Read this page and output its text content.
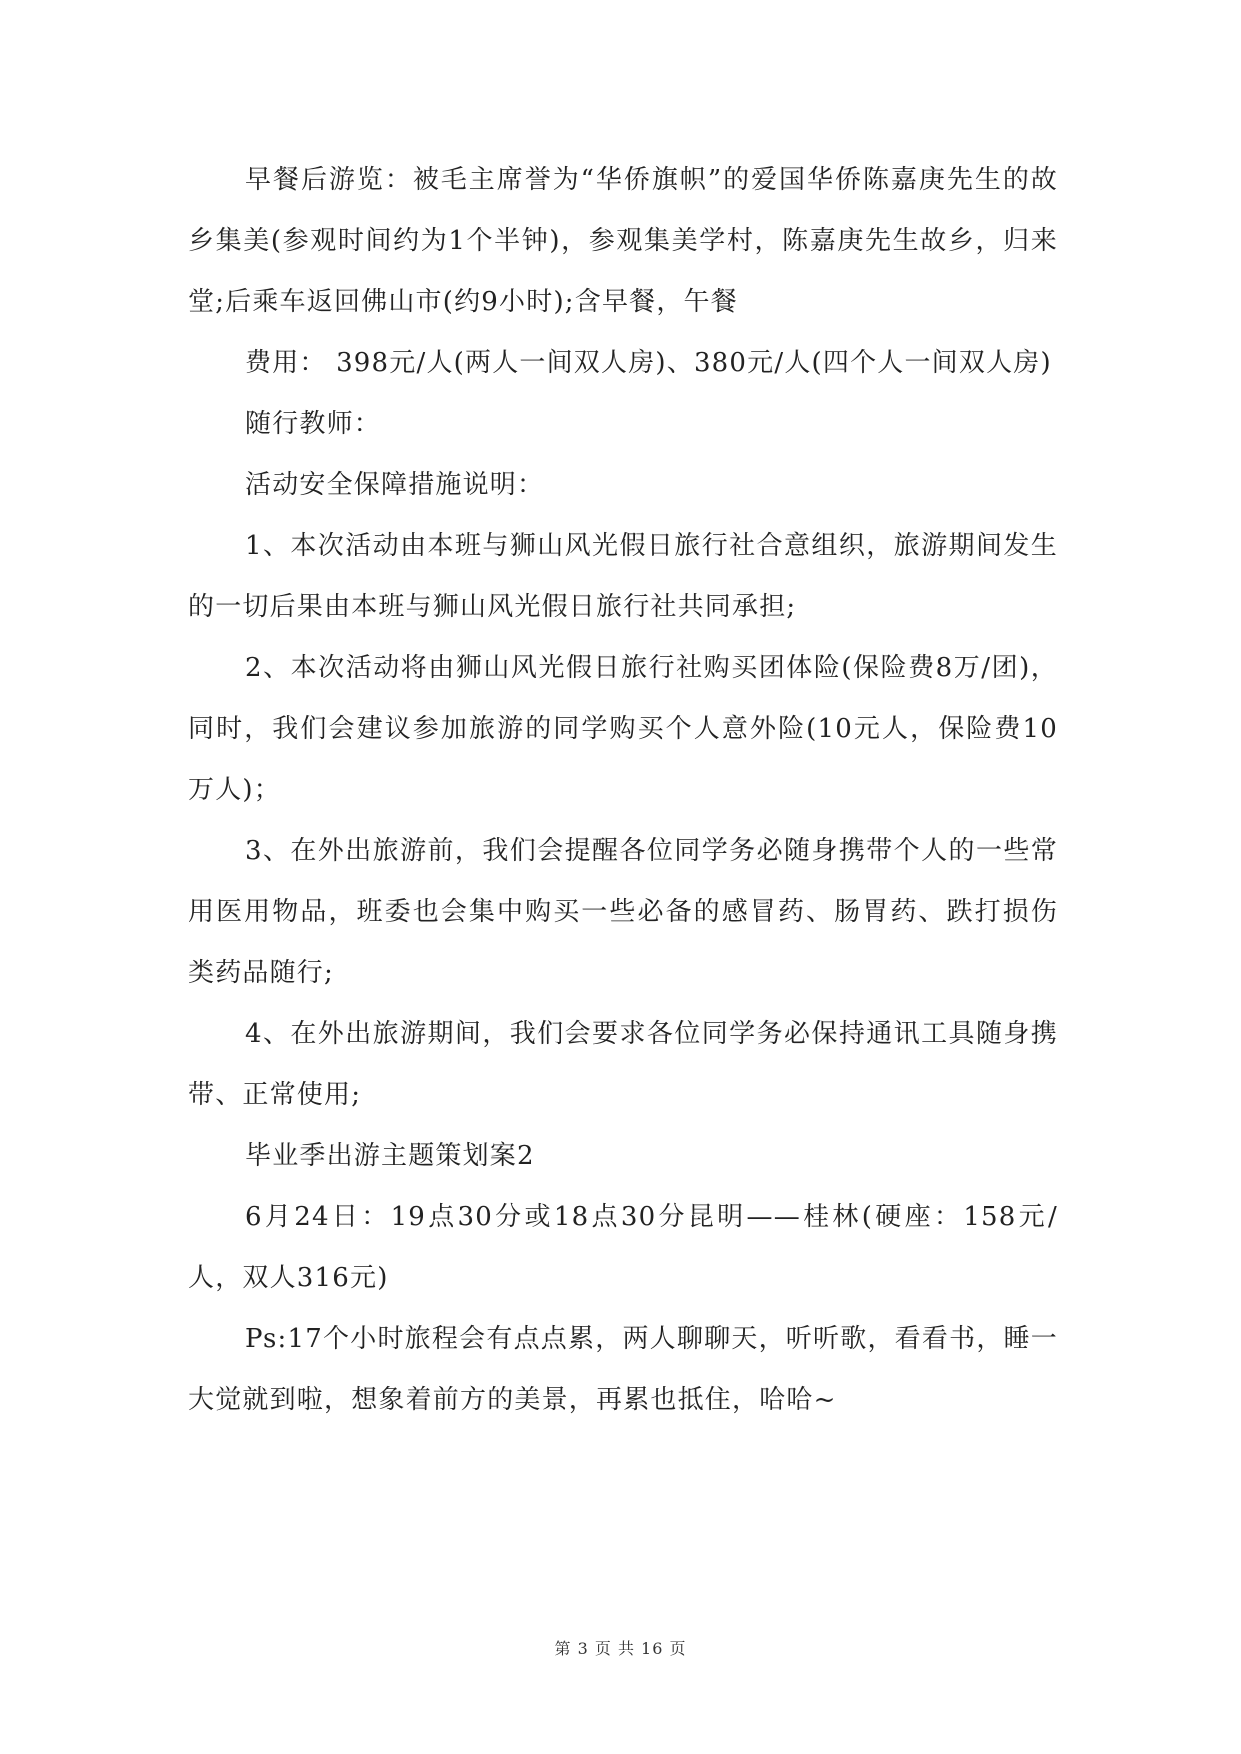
早餐后游览：被毛主席誉为“华侨旗帜”的爱国华侨陈嘉庚先生的故乡集美(参观时间约为1个半钟)，参观集美学村，陈嘉庚先生故乡，归来堂;后乘车返回佛山市(约9小时);含早餐，午餐

费用： 398元/人(两人一间双人房)、380元/人(四个人一间双人房)

随行教师：

活动安全保障措施说明：

1、本次活动由本班与狮山风光假日旅行社合意组织，旅游期间发生的一切后果由本班与狮山风光假日旅行社共同承担;

2、本次活动将由狮山风光假日旅行社购买团体险(保险费8万/团)，同时，我们会建议参加旅游的同学购买个人意外险(10元人，保险费10万人)；

3、在外出旅游前，我们会提醒各位同学务必随身携带个人的一些常用医用物品，班委也会集中购买一些必备的感冒药、肠胃药、跌打损伤类药品随行;

4、在外出旅游期间，我们会要求各位同学务必保持通讯工具随身携带、正常使用;

毕业季出游主题策划案2

6月24日：19点30分或18点30分昆明——桂林(硬座：158元/人，双人316元)

Ps:17个小时旅程会有点点累，两人聊聊天，听听歌，看看书，睡一大觉就到啦，想象着前方的美景，再累也抵住，哈哈~

第 3 页 共 16 页
